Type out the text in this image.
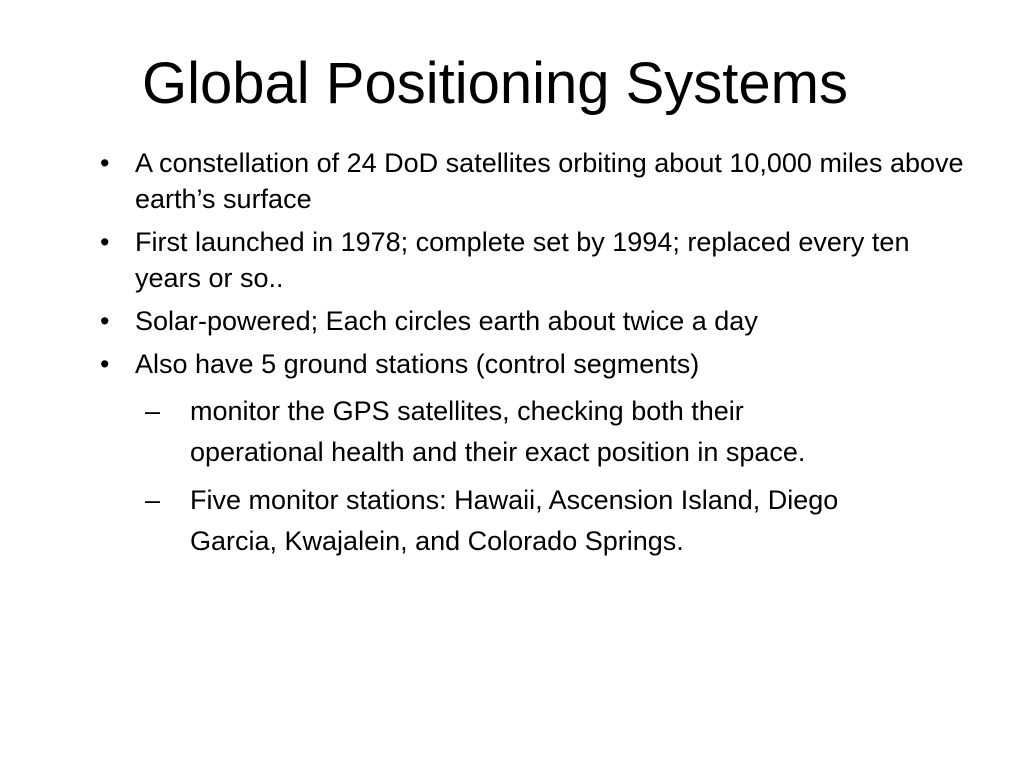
Global Positioning Systems
• A constellation of 24 DoD satellites orbiting about 10,000 miles above earth’s surface
• First launched in 1978; complete set by 1994; replaced every ten years or so..
• Solar-powered; Each circles earth about twice a day
• Also have 5 ground stations (control segments)
–	monitor the GPS satellites, checking both their operational health and their exact position in space.
–	Five monitor stations: Hawaii, Ascension Island, Diego Garcia, Kwajalein, and Colorado Springs.
